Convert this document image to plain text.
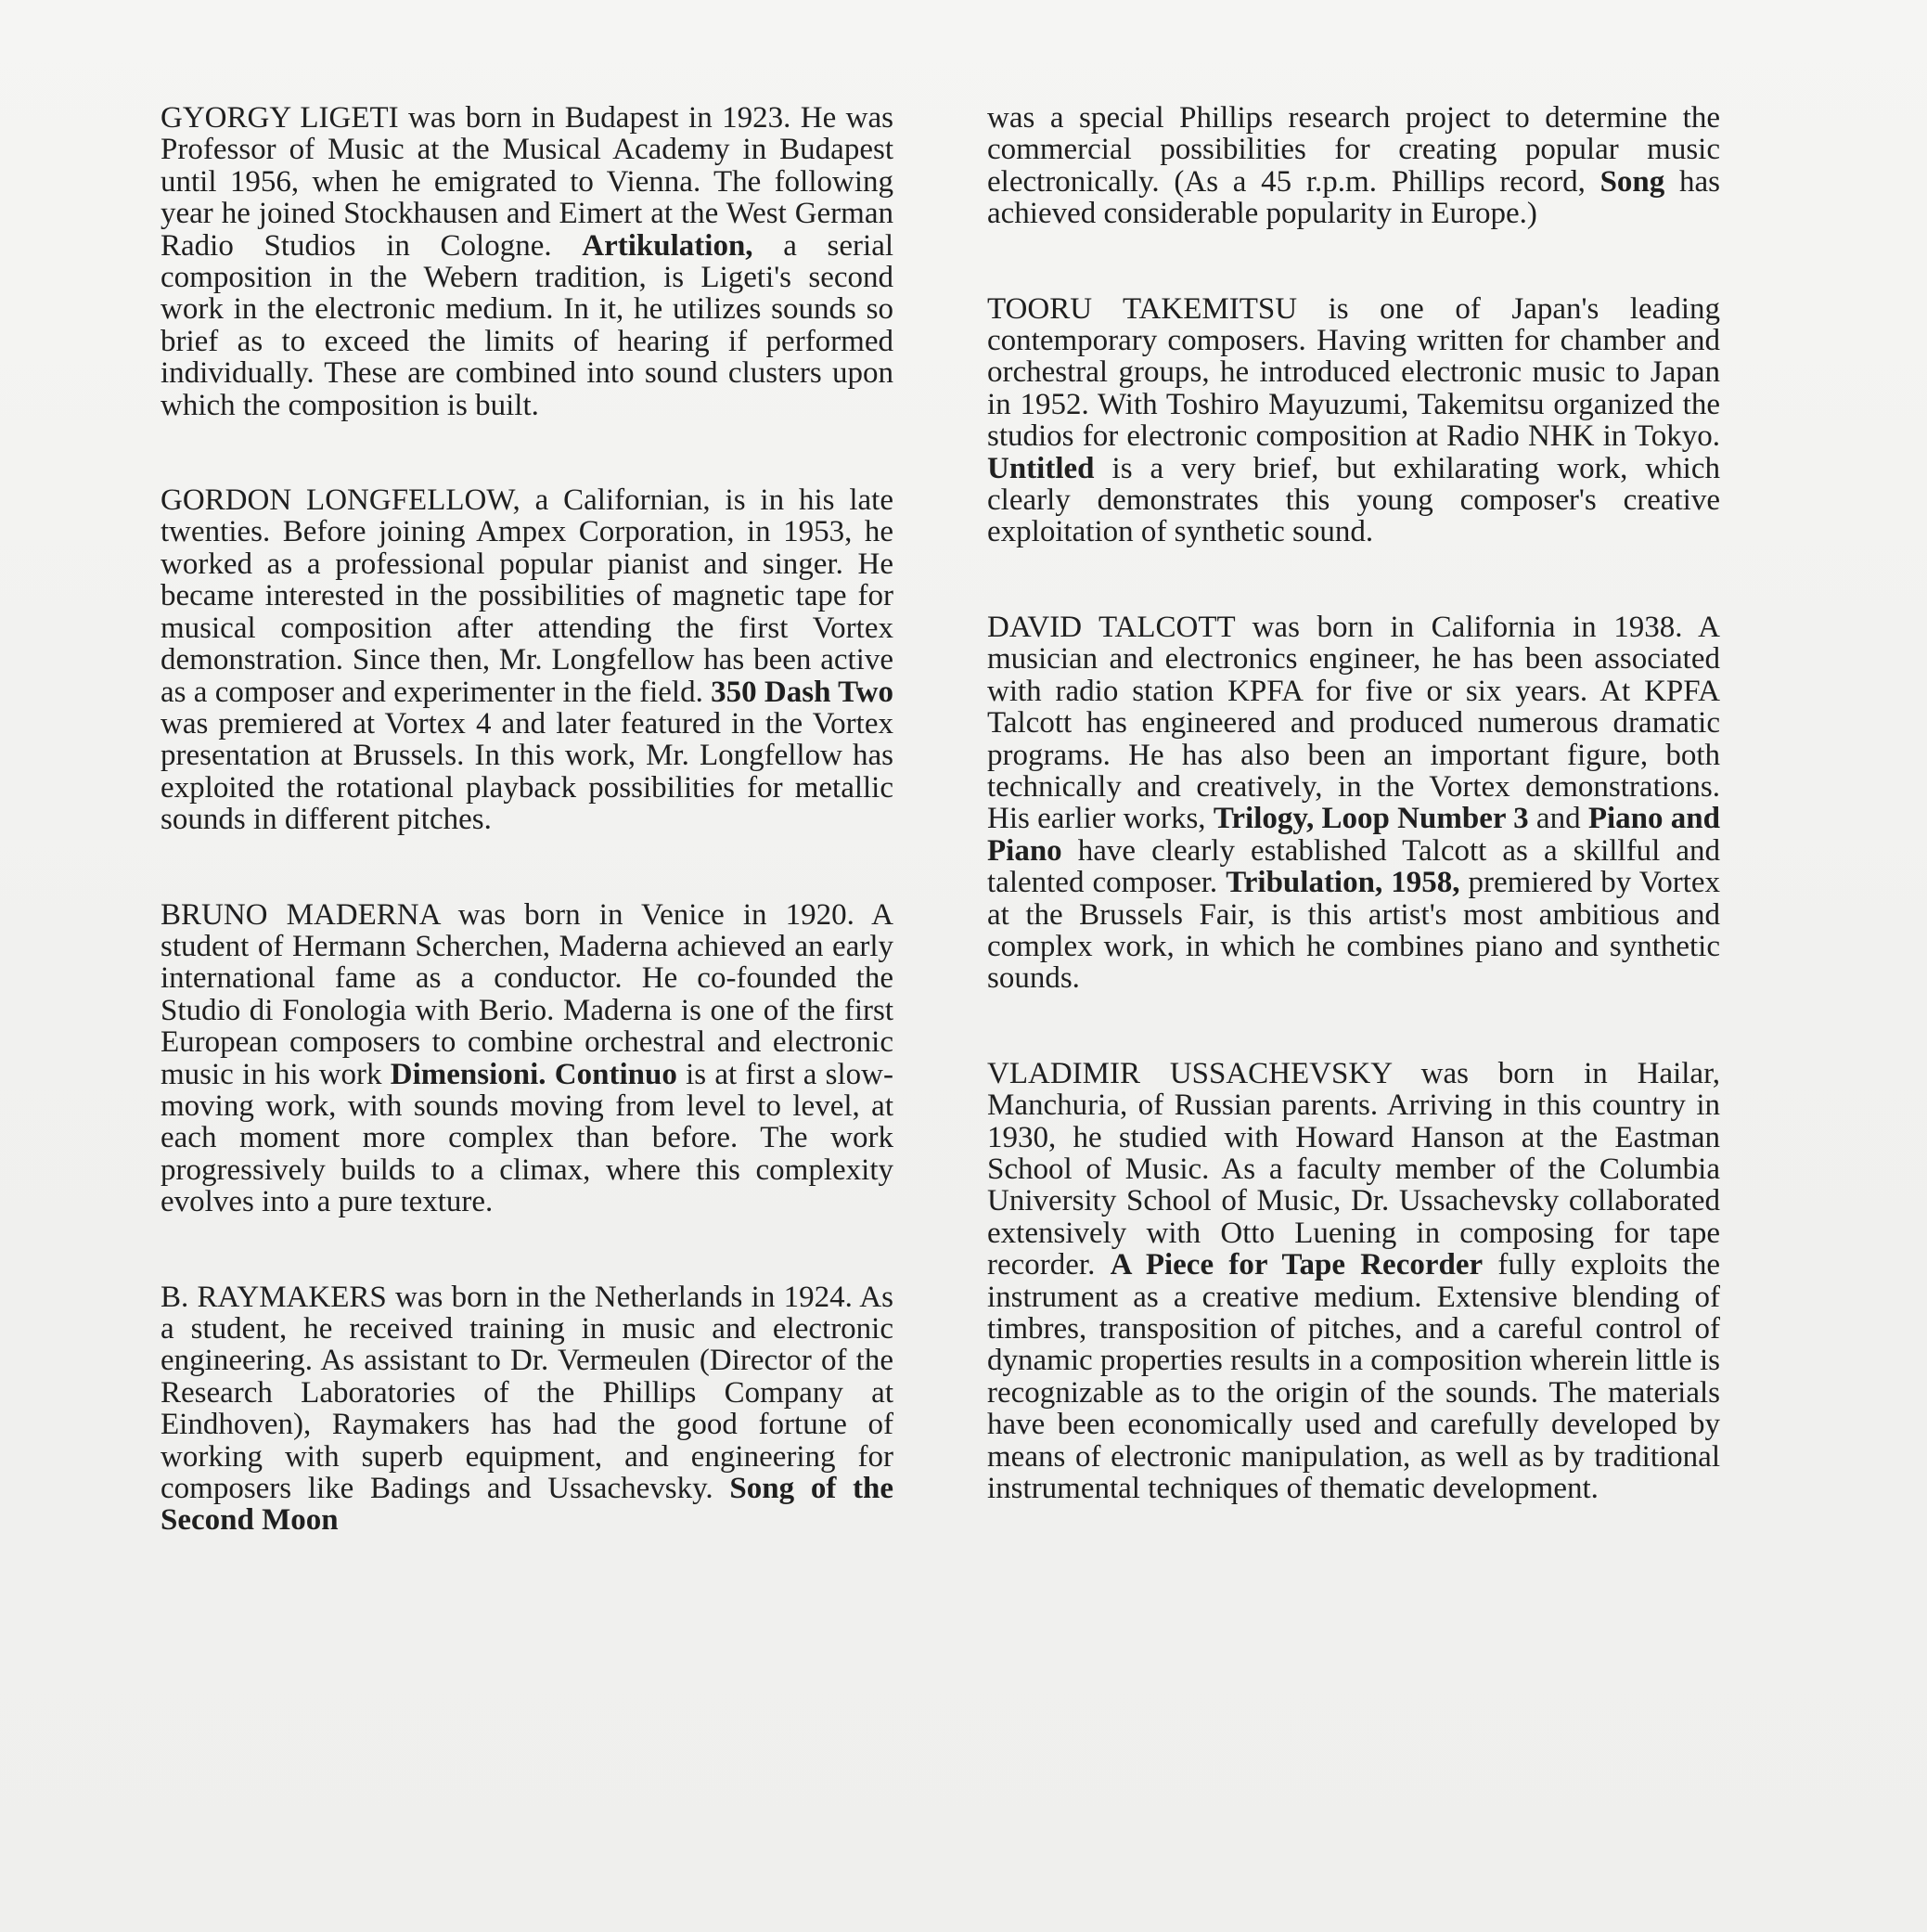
GYORGY LIGETI was born in Budapest in 1923. He was Professor of Music at the Musical Academy in Budapest until 1956, when he emigrated to Vienna. The following year he joined Stockhausen and Eimert at the West German Radio Studios in Cologne. Artikulation, a serial composition in the Webern tradition, is Ligeti's second work in the electronic medium. In it, he utilizes sounds so brief as to exceed the limits of hearing if performed individually. These are combined into sound clusters upon which the composition is built.

GORDON LONGFELLOW, a Californian, is in his late twenties. Before joining Ampex Corporation, in 1953, he worked as a professional popular pianist and singer. He became interested in the possibilities of magnetic tape for musical composition after attending the first Vortex demonstration. Since then, Mr. Longfellow has been active as a composer and experimenter in the field. 350 Dash Two was premiered at Vortex 4 and later featured in the Vortex presentation at Brussels. In this work, Mr. Longfellow has exploited the rotational playback possibilities for metallic sounds in different pitches.

BRUNO MADERNA was born in Venice in 1920. A student of Hermann Scherchen, Maderna achieved an early international fame as a conductor. He co-founded the Studio di Fonologia with Berio. Maderna is one of the first European composers to combine orchestral and electronic music in his work Dimensioni. Continuo is at first a slow-moving work, with sounds moving from level to level, at each moment more complex than before. The work progressively builds to a climax, where this complexity evolves into a pure texture.

B. RAYMAKERS was born in the Netherlands in 1924. As a student, he received training in music and electronic engineering. As assistant to Dr. Vermeulen (Director of the Research Laboratories of the Phillips Company at Eindhoven), Raymakers has had the good fortune of working with superb equipment, and engineering for composers like Badings and Ussachevsky. Song of the Second Moon

was a special Phillips research project to determine the commercial possibilities for creating popular music electronically. (As a 45 r.p.m. Phillips record, Song has achieved considerable popularity in Europe.)

TOORU TAKEMITSU is one of Japan's leading contemporary composers. Having written for chamber and orchestral groups, he introduced electronic music to Japan in 1952. With Toshiro Mayuzumi, Takemitsu organized the studios for electronic composition at Radio NHK in Tokyo. Untitled is a very brief, but exhilarating work, which clearly demonstrates this young composer's creative exploitation of synthetic sound.

DAVID TALCOTT was born in California in 1938. A musician and electronics engineer, he has been associated with radio station KPFA for five or six years. At KPFA Talcott has engineered and produced numerous dramatic programs. He has also been an important figure, both technically and creatively, in the Vortex demonstrations. His earlier works, Trilogy, Loop Number 3 and Piano and Piano have clearly established Talcott as a skillful and talented composer. Tribulation, 1958, premiered by Vortex at the Brussels Fair, is this artist's most ambitious and complex work, in which he combines piano and synthetic sounds.

VLADIMIR USSACHEVSKY was born in Hailar, Manchuria, of Russian parents. Arriving in this country in 1930, he studied with Howard Hanson at the Eastman School of Music. As a faculty member of the Columbia University School of Music, Dr. Ussachevsky collaborated extensively with Otto Luening in composing for tape recorder. A Piece for Tape Recorder fully exploits the instrument as a creative medium. Extensive blending of timbres, transposition of pitches, and a careful control of dynamic properties results in a composition wherein little is recognizable as to the origin of the sounds. The materials have been economically used and carefully developed by means of electronic manipulation, as well as by traditional instrumental techniques of thematic development.
